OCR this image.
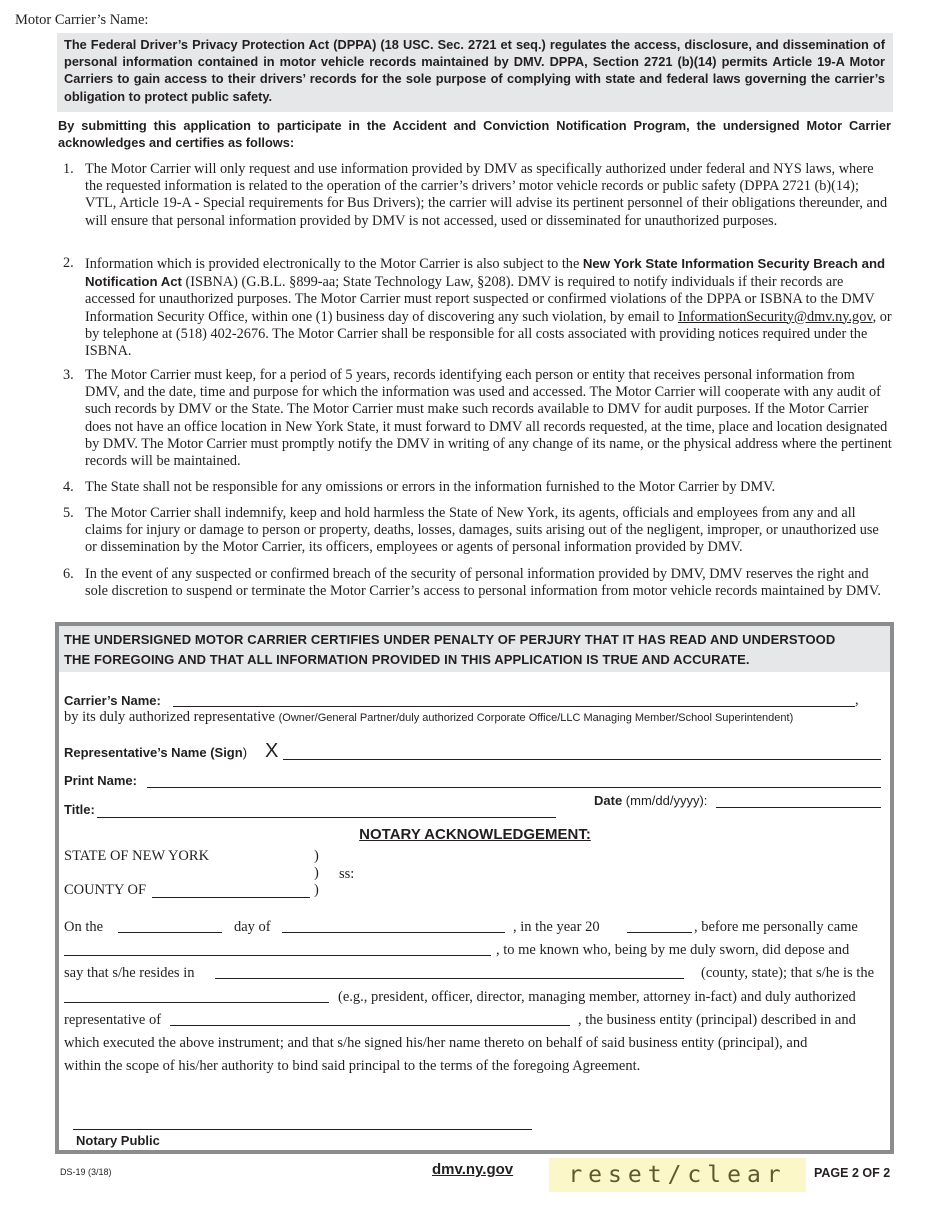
Motor Carrier’s Name:
The Federal Driver’s Privacy Protection Act (DPPA) (18 USC. Sec. 2721 et seq.) regulates the access, disclosure, and dissemination of personal information contained in motor vehicle records maintained by DMV. DPPA, Section 2721 (b)(14) permits Article 19-A Motor Carriers to gain access to their drivers’ records for the sole purpose of complying with state and federal laws governing the carrier’s obligation to protect public safety.
By submitting this application to participate in the Accident and Conviction Notification Program, the undersigned Motor Carrier acknowledges and certifies as follows:
1. The Motor Carrier will only request and use information provided by DMV as specifically authorized under federal and NYS laws, where the requested information is related to the operation of the carrier’s drivers’ motor vehicle records or public safety (DPPA 2721 (b)(14); VTL, Article 19-A - Special requirements for Bus Drivers); the carrier will advise its pertinent personnel of their obligations thereunder, and will ensure that personal information provided by DMV is not accessed, used or disseminated for unauthorized purposes.
2. Information which is provided electronically to the Motor Carrier is also subject to the New York State Information Security Breach and Notification Act (ISBNA) (G.B.L. §899-aa; State Technology Law, §208). DMV is required to notify individuals if their records are accessed for unauthorized purposes. The Motor Carrier must report suspected or confirmed violations of the DPPA or ISBNA to the DMV Information Security Office, within one (1) business day of discovering any such violation, by email to InformationSecurity@dmv.ny.gov, or by telephone at (518) 402-2676. The Motor Carrier shall be responsible for all costs associated with providing notices required under the ISBNA.
3. The Motor Carrier must keep, for a period of 5 years, records identifying each person or entity that receives personal information from DMV, and the date, time and purpose for which the information was used and accessed. The Motor Carrier will cooperate with any audit of such records by DMV or the State. The Motor Carrier must make such records available to DMV for audit purposes. If the Motor Carrier does not have an office location in New York State, it must forward to DMV all records requested, at the time, place and location designated by DMV. The Motor Carrier must promptly notify the DMV in writing of any change of its name, or the physical address where the pertinent records will be maintained.
4. The State shall not be responsible for any omissions or errors in the information furnished to the Motor Carrier by DMV.
5. The Motor Carrier shall indemnify, keep and hold harmless the State of New York, its agents, officials and employees from any and all claims for injury or damage to person or property, deaths, losses, damages, suits arising out of the negligent, improper, or unauthorized use or dissemination by the Motor Carrier, its officers, employees or agents of personal information provided by DMV.
6. In the event of any suspected or confirmed breach of the security of personal information provided by DMV, DMV reserves the right and sole discretion to suspend or terminate the Motor Carrier’s access to personal information from motor vehicle records maintained by DMV.
THE UNDERSIGNED MOTOR CARRIER CERTIFIES UNDER PENALTY OF PERJURY THAT IT HAS READ AND UNDERSTOOD
THE FOREGOING AND THAT ALL INFORMATION PROVIDED IN THIS APPLICATION IS TRUE AND ACCURATE.
Carrier’s Name:	,
by its duly authorized representative (Owner/General Partner/duly authorized Corporate Office/LLC Managing Member/School Superintendent)
Representative’s Name (Sign) X
Print Name:
Title:
Date (mm/dd/yyyy):
NOTARY ACKNOWLEDGEMENT:
STATE OF NEW YORK	)
) ss:
COUNTY OF	)
On the	day of	, in the year 20	, before me personally came
, to me known who, being by me duly sworn, did depose and
say that s/he resides in	(county, state); that s/he is the
(e.g., president, officer, director, managing member, attorney in-fact) and duly authorized
representative of	, the business entity (principal) described in and
which executed the above instrument; and that s/he signed his/her name thereto on behalf of said business entity (principal), and
within the scope of his/her authority to bind said principal to the terms of the foregoing Agreement.
Notary Public
DS-19 (3/18)	dmv.ny.gov	reset/clear	PAGE 2 OF 2
